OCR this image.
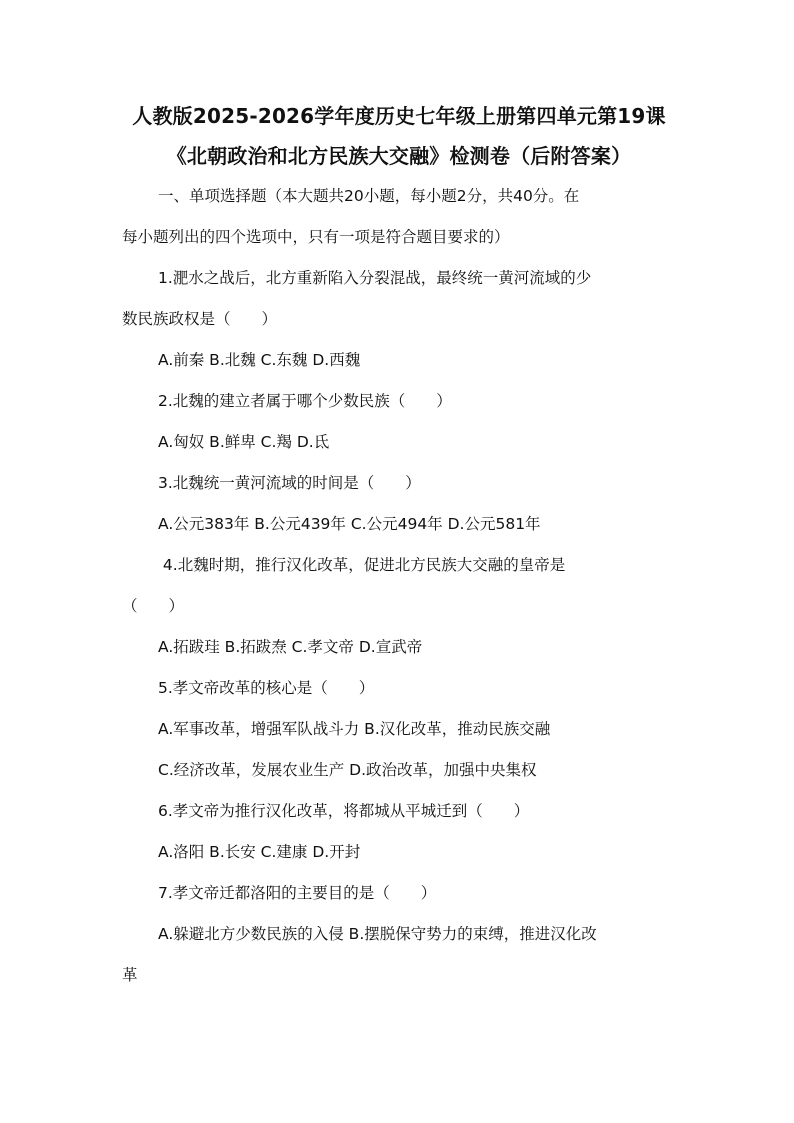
人教版2025-2026学年度历史七年级上册第四单元第19课

《北朝政治和北方民族大交融》检测卷（后附答案）

一、单项选择题（本大题共20小题，每小题2分，共40分。在

每小题列出的四个选项中，只有一项是符合题目要求的）

1.淝水之战后，北方重新陷入分裂混战，最终统一黄河流域的少

数民族政权是（　　）

A.前秦 B.北魏 C.东魏 D.西魏

2.北魏的建立者属于哪个少数民族（　　）

A.匈奴 B.鲜卑 C.羯 D.氐

3.北魏统一黄河流域的时间是（　　）

A.公元383年 B.公元439年 C.公元494年 D.公元581年

4.北魏时期，推行汉化改革，促进北方民族大交融的皇帝是

（　　）

A.拓跋珪 B.拓跋焘 C.孝文帝 D.宣武帝

5.孝文帝改革的核心是（　　）

A.军事改革，增强军队战斗力 B.汉化改革，推动民族交融

C.经济改革，发展农业生产 D.政治改革，加强中央集权

6.孝文帝为推行汉化改革，将都城从平城迁到（　　）

A.洛阳 B.长安 C.建康 D.开封

7.孝文帝迁都洛阳的主要目的是（　　）

A.躲避北方少数民族的入侵 B.摆脱保守势力的束缚，推进汉化改

革
